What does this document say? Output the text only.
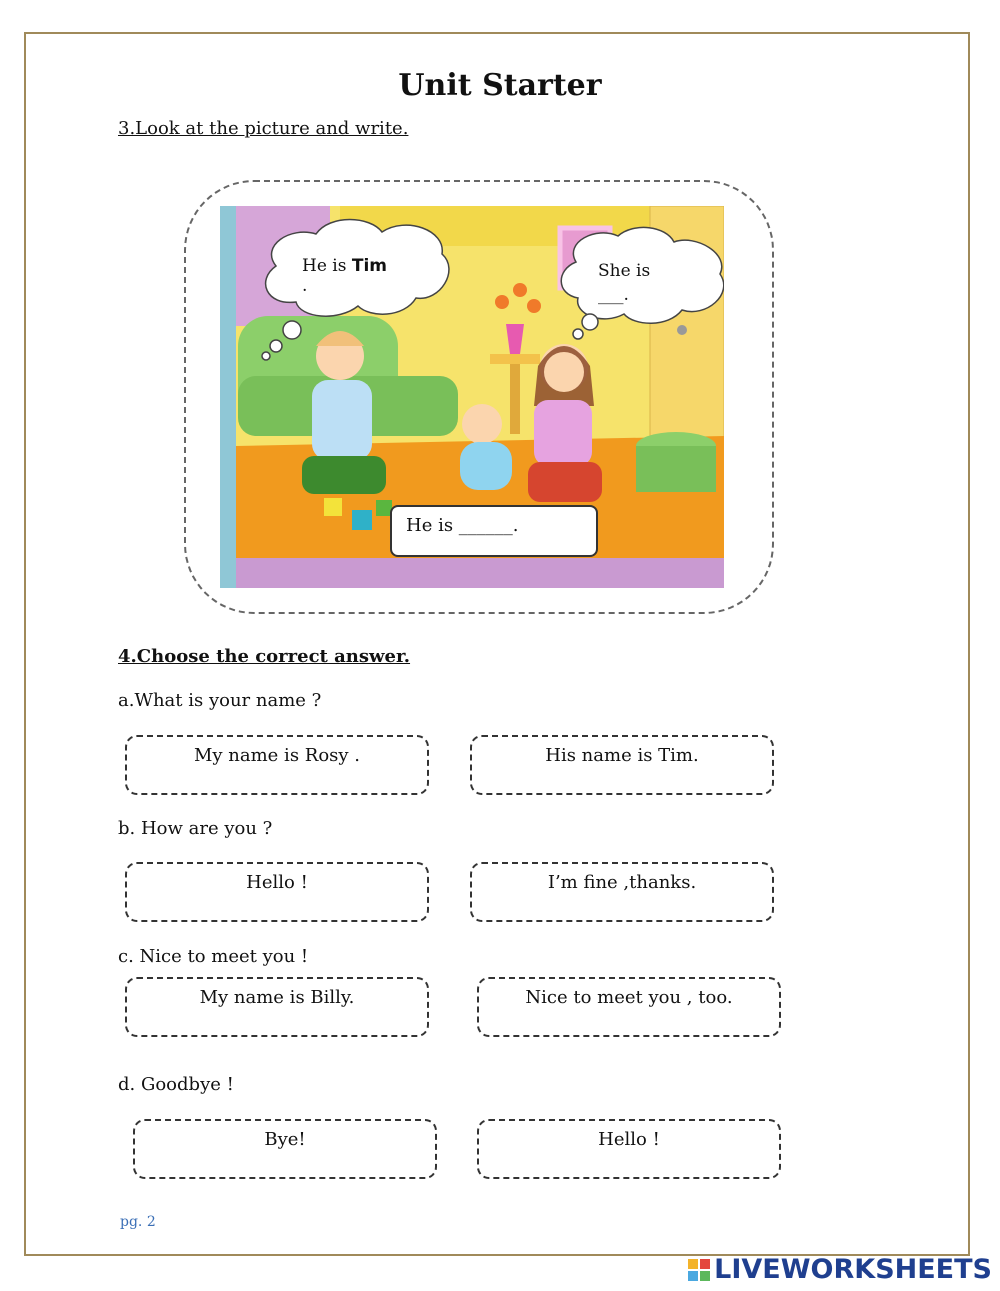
Unit Starter
3.Look at the picture and write.
He is Tim
.
She is
___.
He is ______.
4.Choose the correct answer.
a.What is your name ?
My name is Rosy .	His name is Tim.
b. How are you ?
Hello !	I’m fine ,thanks.
c. Nice to meet you !
My name is Billy.	Nice to meet you , too.
d. Goodbye !
Bye!	Hello !
pg. 2
LIVEWORKSHEETS
